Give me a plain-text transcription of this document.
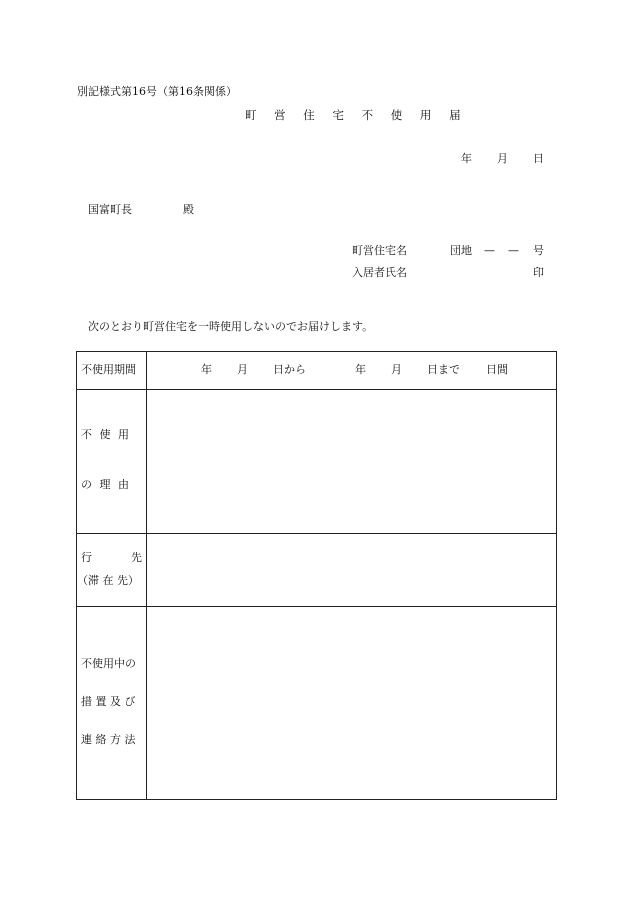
別記様式第16号（第16条関係）
町 営 住 宅 不 使 用 届
年 月 日
国富町長	殿
町営住宅名	団地 — — 号
入居者氏名	印
次のとおり町営住宅を一時使用しないのでお届けします。
不使用期間	年 月 日から	年 月 日まで 日間
不 使 用
の 理 由
行	先
（滞 在 先）
不使用中の
措 置 及 び
連 絡 方 法
